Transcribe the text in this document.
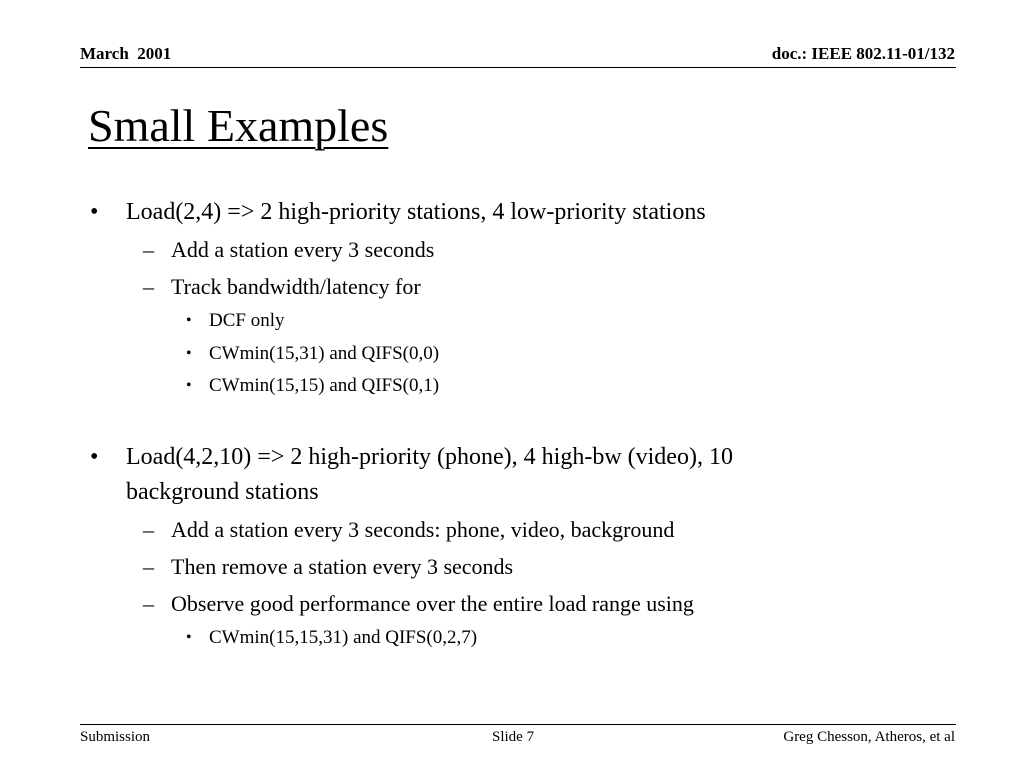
March  2001	doc.: IEEE 802.11-01/132
Small Examples
• Load(2,4) => 2 high-priority stations, 4 low-priority stations
– Add a station every 3 seconds
– Track bandwidth/latency for
• DCF only
• CWmin(15,31) and QIFS(0,0)
• CWmin(15,15) and QIFS(0,1)
• Load(4,2,10) => 2 high-priority (phone), 4 high-bw (video), 10
background stations
– Add a station every 3 seconds: phone, video, background
– Then remove a station every 3 seconds
– Observe good performance over the entire load range using
• CWmin(15,15,31) and QIFS(0,2,7)
Submission	Slide 7	Greg Chesson, Atheros, et al
